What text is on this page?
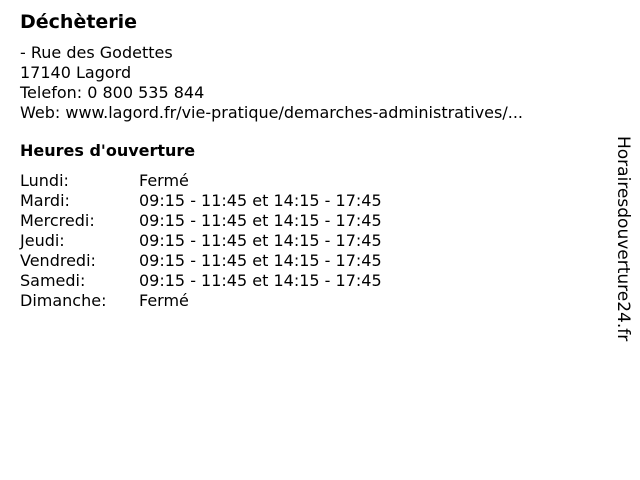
Déchèterie
- Rue des Godettes
17140 Lagord
Telefon: 0 800 535 844
Web: www.lagord.fr/vie-pratique/demarches-administratives/...
Heures d'ouverture
Lundi:	Fermé
Mardi:	09:15 - 11:45 et 14:15 - 17:45
Mercredi:	09:15 - 11:45 et 14:15 - 17:45
Jeudi:	09:15 - 11:45 et 14:15 - 17:45
Vendredi:	09:15 - 11:45 et 14:15 - 17:45
Samedi:	09:15 - 11:45 et 14:15 - 17:45
Dimanche:	Fermé	Horairesdouverture24.fr
